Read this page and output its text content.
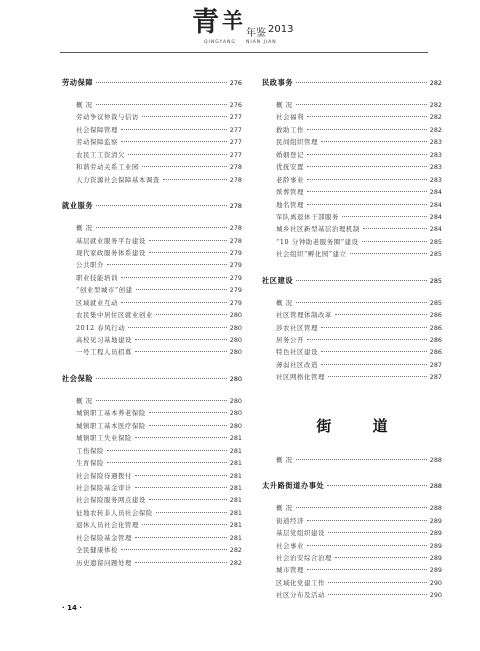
青 羊
年鉴 2013
QINGYANG NIAN JIAN
劳动保障	276
概 况	276
劳动争议仲裁与信访	277
社会保障管理	277
劳动保障监察	277
农民工工资清欠	277
和谐劳动关系工业园	278
人力资源社会保障基本调查	278
就业服务	278
概 况	278
基层就业服务平台建设	278
现代家政服务体系建设	279
公共职介	279
职业技能培训	279
“创业型城市”创建	279
区域就业互动	279
农民集中居住区就业创业	280
2012 春风行动	280
高校见习基地建设	280
一号工程人员招募	280
社会保险	280
概 况	280
城镇职工基本养老保险	280
城镇职工基本医疗保险	280
城镇职工失业保险	281
工伤保险	281
生育保险	281
社会保险待遇拨付	281
社会保险基金审计	281
社会保险服务网点建设	281
征地农转非人员社会保险	281
退休人员社会化管理	281
社会保险基金管理	281
全民健康体检	282
历史遗留问题处理	282
民政事务	282
概 况	282
社会福利	282
救助工作	282
民间组织管理	283
婚姻登记	283
优抚安置	283
老龄事业	283
殡葬管理	284
地名管理	284
军队离退休干部服务	284
城乡社区新型基层治理机制	284
“10 分钟助老服务圈”建设	285
社会组织“孵化园”建立	285
社区建设	285
概 况	285
社区管理体制改革	286
涉农社区管理	286
居务公开	286
特色社区建设	286
薄弱社区改造	287
社区网格化管理	287
街 道
概 况	288
太升路街道办事处	288
概 况	288
街道经济	289
基层党组织建设	289
社会事业	289
社会治安综合治理	289
城市管理	289
区域化党建工作	290
社区分布及活动	290
· 14 ·
